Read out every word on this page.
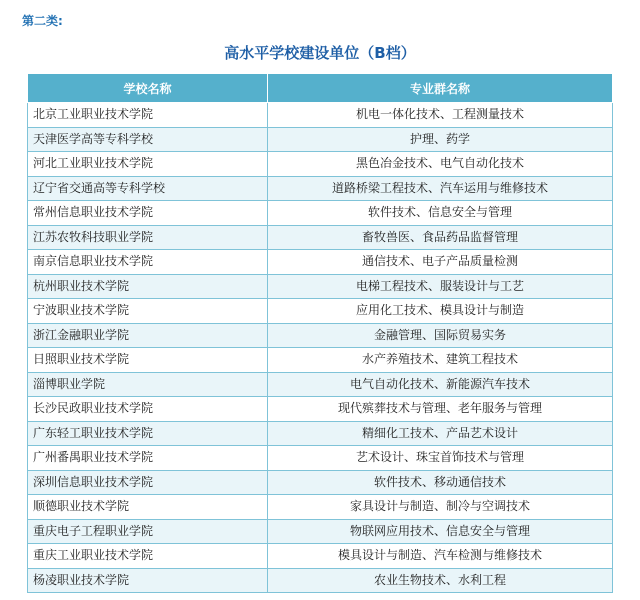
第二类:
高水平学校建设单位（B档）
学校名称	专业群名称
北京工业职业技术学院	机电一体化技术、工程测量技术
天津医学高等专科学校	护理、药学
河北工业职业技术学院	黑色冶金技术、电气自动化技术
辽宁省交通高等专科学校	道路桥梁工程技术、汽车运用与维修技术
常州信息职业技术学院	软件技术、信息安全与管理
江苏农牧科技职业学院	畜牧兽医、食品药品监督管理
南京信息职业技术学院	通信技术、电子产品质量检测
杭州职业技术学院	电梯工程技术、服装设计与工艺
宁波职业技术学院	应用化工技术、模具设计与制造
浙江金融职业学院	金融管理、国际贸易实务
日照职业技术学院	水产养殖技术、建筑工程技术
淄博职业学院	电气自动化技术、新能源汽车技术
长沙民政职业技术学院	现代殡葬技术与管理、老年服务与管理
广东轻工职业技术学院	精细化工技术、产品艺术设计
广州番禺职业技术学院	艺术设计、珠宝首饰技术与管理
深圳信息职业技术学院	软件技术、移动通信技术
顺德职业技术学院	家具设计与制造、制冷与空调技术
重庆电子工程职业学院	物联网应用技术、信息安全与管理
重庆工业职业技术学院	模具设计与制造、汽车检测与维修技术
杨凌职业技术学院	农业生物技术、水利工程
